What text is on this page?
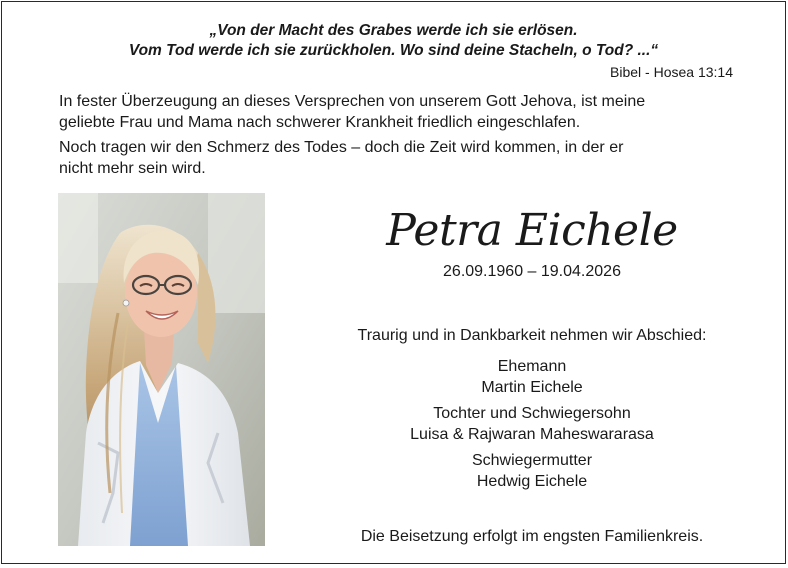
„Von der Macht des Grabes werde ich sie erlösen.
Vom Tod werde ich sie zurückholen. Wo sind deine Stacheln, o Tod? ...“
Bibel - Hosea 13:14
In fester Überzeugung an dieses Versprechen von unserem Gott Jehova, ist meine
geliebte Frau und Mama nach schwerer Krankheit friedlich eingeschlafen.
Noch tragen wir den Schmerz des Todes – doch die Zeit wird kommen, in der er
nicht mehr sein wird.
Petra Eichele
26.09.1960 – 19.04.2026
Traurig und in Dankbarkeit nehmen wir Abschied:
Ehemann
Martin Eichele
Tochter und Schwiegersohn
Luisa & Rajwaran Maheswararasa
Schwiegermutter
Hedwig Eichele
Die Beisetzung erfolgt im engsten Familienkreis.
